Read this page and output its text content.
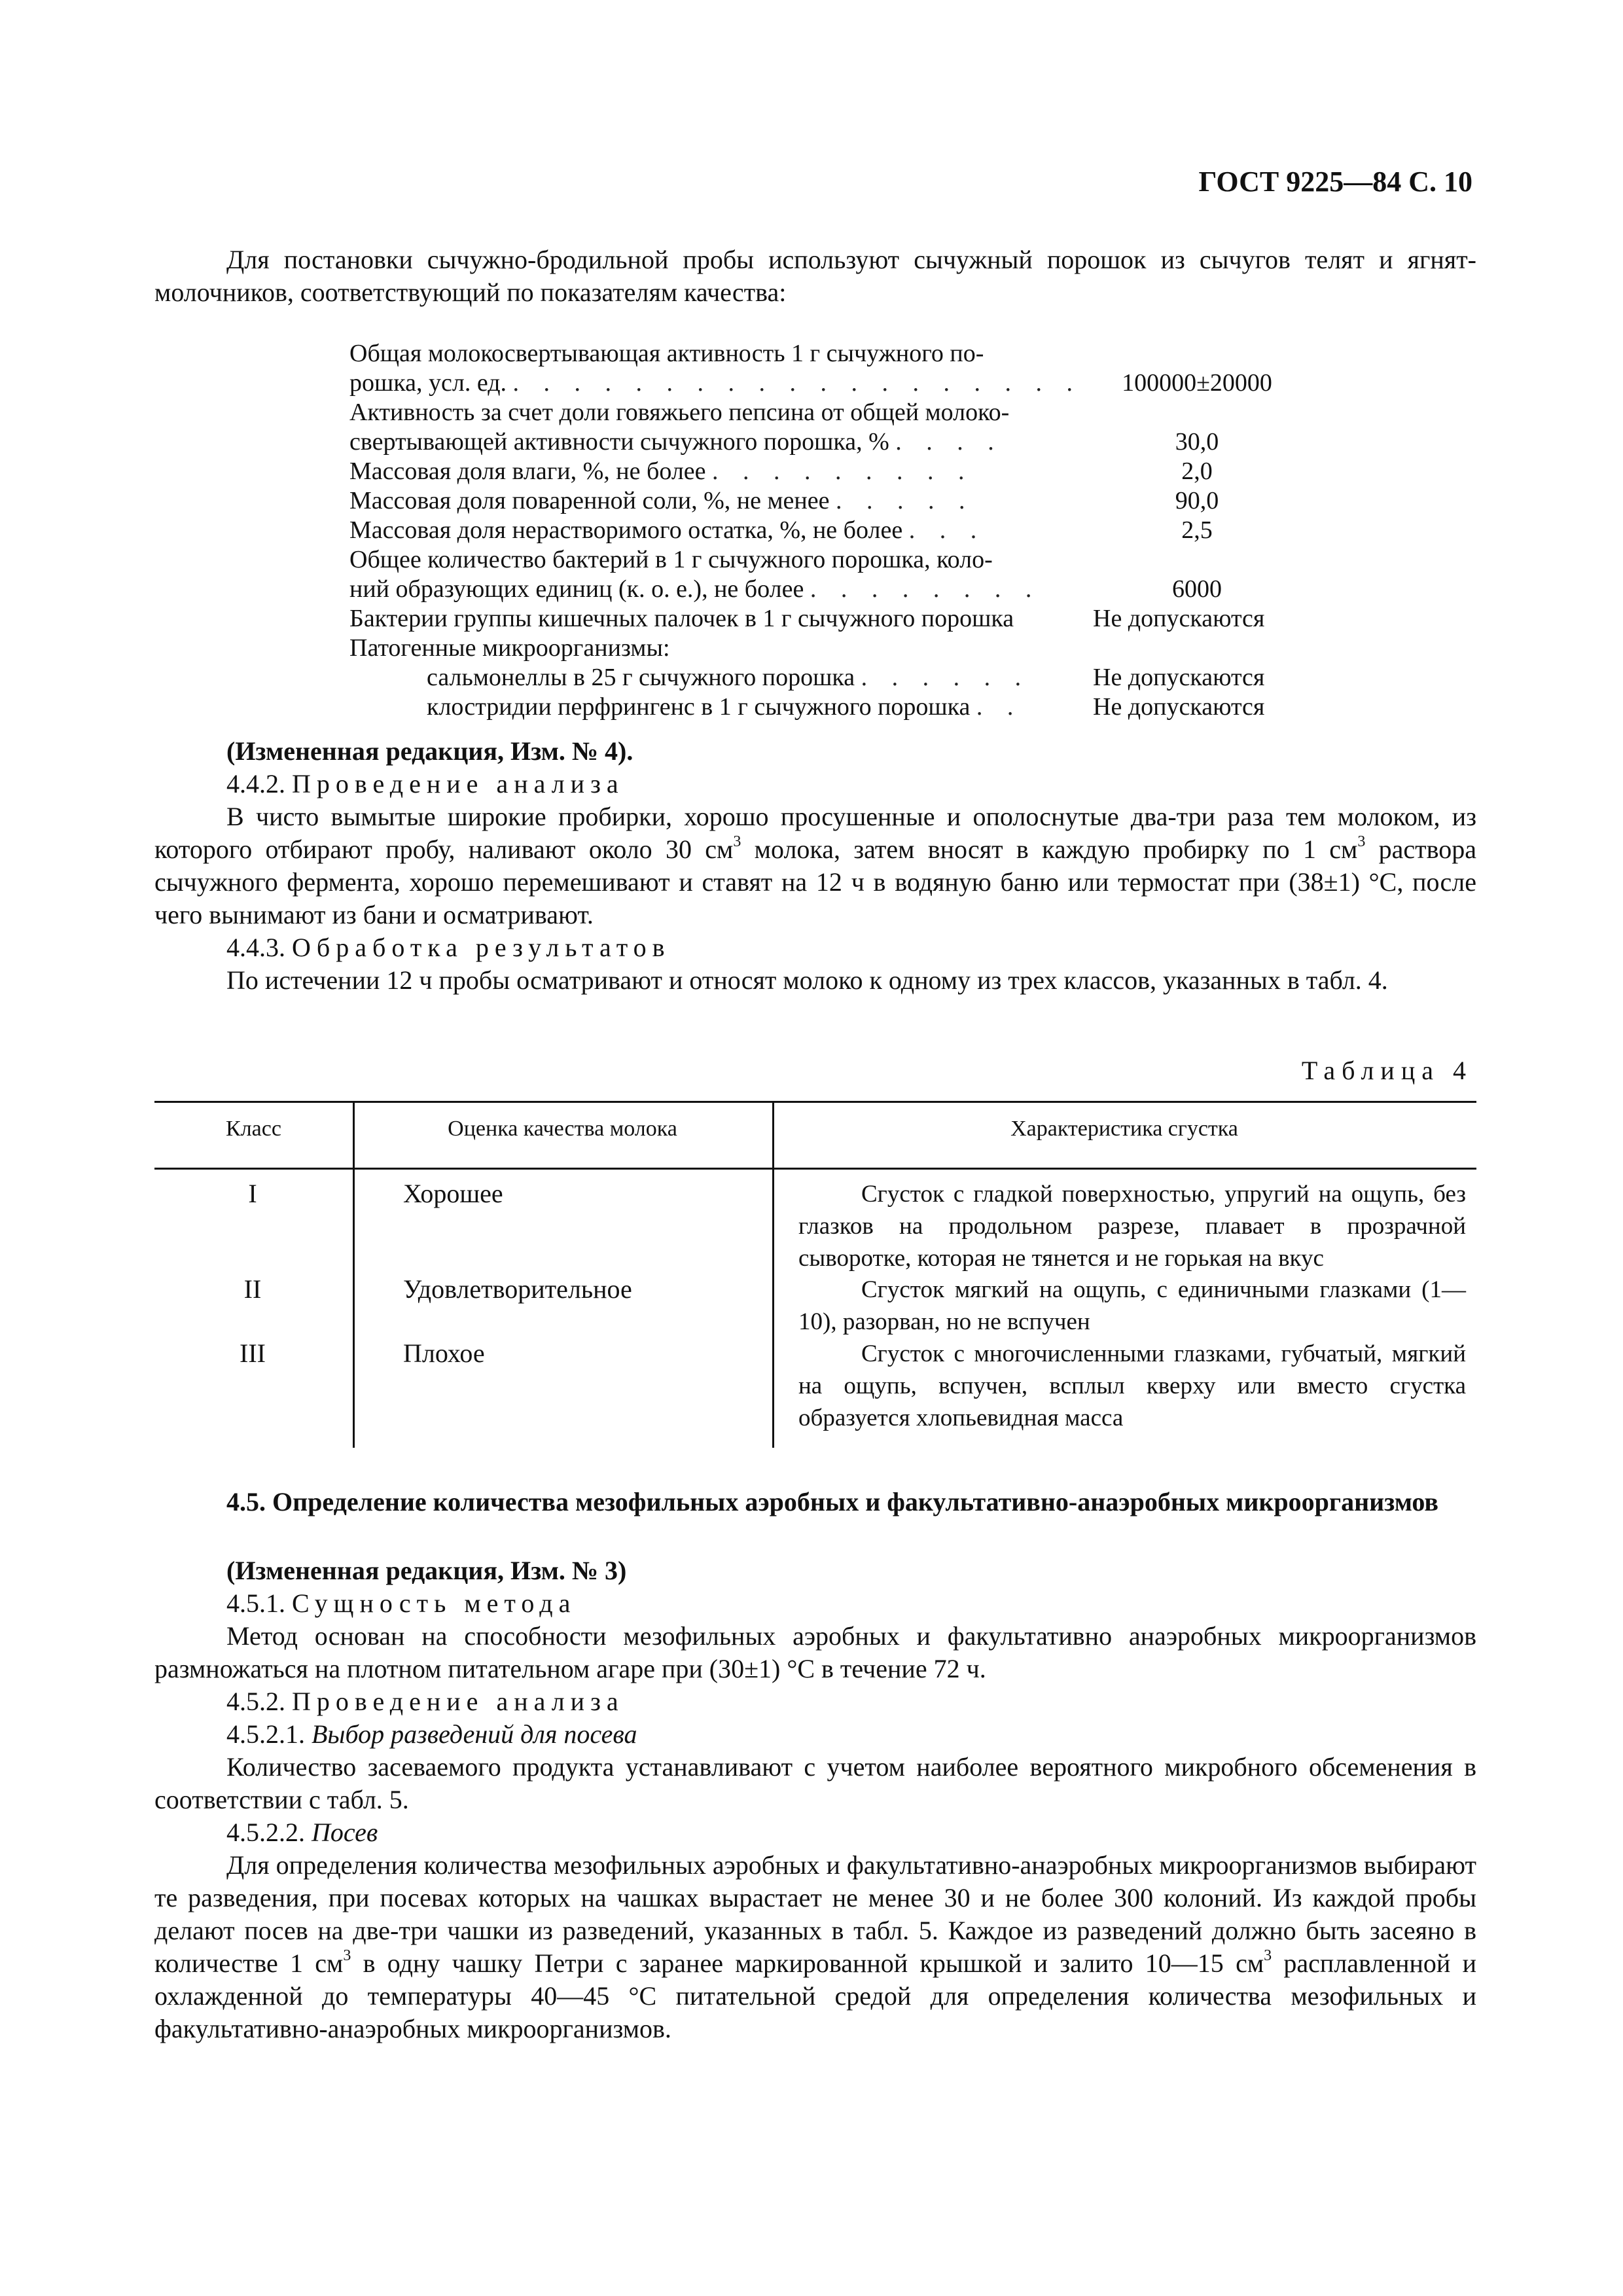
ГОСТ 9225—84 С. 10

Для постановки сычужно-бродильной пробы используют сычужный порошок из сычугов телят и ягнят-молочников, соответствующий по показателям качества:

Общая молокосвертывающая активность 1 г сычужного по-
рошка, усл. ед. . . . . . . . . . . . . . . . . . . .	100000±20000
Активность за счет доли говяжьего пепсина от общей молоко-
свертывающей активности сычужного порошка, % . . . .	30,0
Массовая доля влаги, %, не более . . . . . . . . .	2,0
Массовая доля поваренной соли, %, не менее . . . . .	90,0
Массовая доля нерастворимого остатка, %, не более . . .	2,5
Общее количество бактерий в 1 г сычужного порошка, коло-
ний образующих единиц (к. о. е.), не более . . . . . . . .	6000
Бактерии группы кишечных палочек в 1 г сычужного порошка	Не допускаются
Патогенные микроорганизмы:
сальмонеллы в 25 г сычужного порошка . . . . . .	Не допускаются
клостридии перфрингенс в 1 г сычужного порошка . .	Не допускаются
(Измененная редакция, Изм. № 4).
4.4.2. Проведение анализа

В чисто вымытые широкие пробирки, хорошо просушенные и ополоснутые два-три раза тем молоком, из которого отбирают пробу, наливают около 30 $см^3$ молока, затем вносят в каждую пробирку по 1 $см^3$ раствора сычужного фермента, хорошо перемешивают и ставят на 12 ч в водяную баню или термостат при (38±1) °С, после чего вынимают из бани и осматривают.

4.4.3. Обработка результатов

По истечении 12 ч пробы осматривают и относят молоко к одному из трех классов, указанных в табл. 4.

Таблица 4
Класс	Оценка качества молока	Характеристика сгустка
I	Хорошее	Сгусток с гладкой поверхностью, упругий на ощупь, без глазков на продольном разрезе, плавает в прозрачной сыворотке, которая не тянется и не горькая на вкус
II	Удовлетворительное	Сгусток мягкий на ощупь, с единичными глазками (1—10), разорван, но не вспучен
III	Плохое	Сгусток с многочисленными глазками, губчатый, мягкий на ощупь, вспучен, всплыл кверху или вместо сгустка образуется хлопьевидная масса

4.5. Определение количества мезофильных аэробных и факультативно-анаэробных микроорганизмов

(Измененная редакция, Изм. № 3)
4.5.1. Сущность метода

Метод основан на способности мезофильных аэробных и факультативно анаэробных микроорганизмов размножаться на плотном питательном агаре при (30±1) °С в течение 72 ч.

4.5.2. Проведение анализа
4.5.2.1. Выбор разведений для посева

Количество засеваемого продукта устанавливают с учетом наиболее вероятного микробного обсеменения в соответствии с табл. 5.

4.5.2.2. Посев

Для определения количества мезофильных аэробных и факультативно-анаэробных микроорганизмов выбирают те разведения, при посевах которых на чашках вырастает не менее 30 и не более 300 колоний. Из каждой пробы делают посев на две-три чашки из разведений, указанных в табл. 5. Каждое из разведений должно быть засеяно в количестве 1 $см^3$ в одну чашку Петри с заранее маркированной крышкой и залито 10—15 $см^3$ расплавленной и охлажденной до температуры 40—45 °С питательной средой для определения количества мезофильных и факультативно-анаэробных микроорганизмов.
